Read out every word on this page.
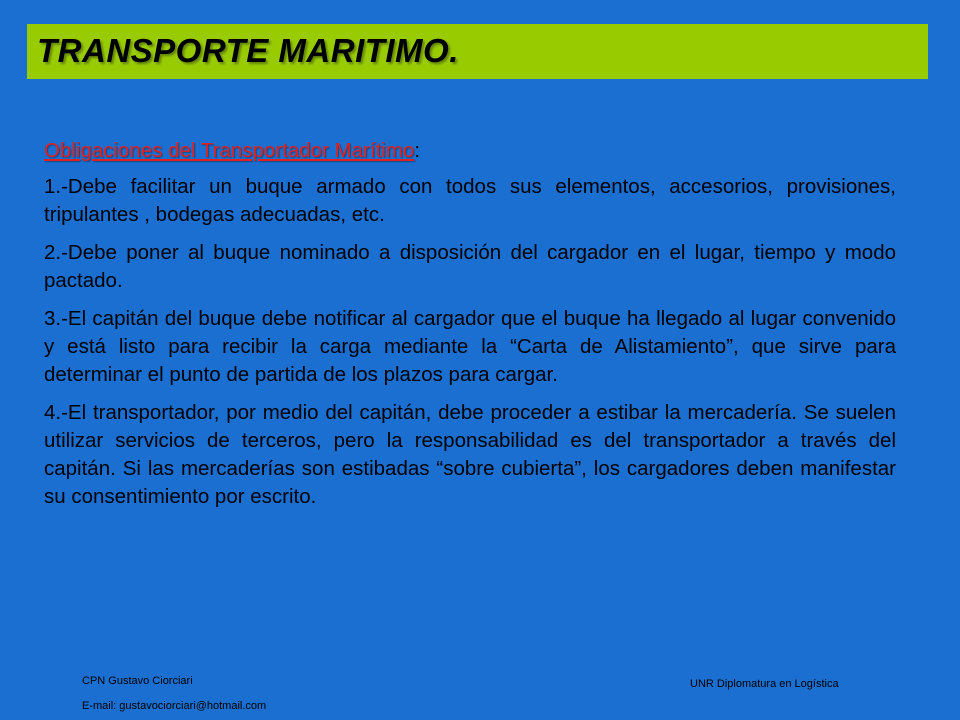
TRANSPORTE MARITIMO.

Obligaciones del Transportador Marítimo:

1.-Debe facilitar un buque armado con todos sus elementos, accesorios, provisiones, tripulantes , bodegas adecuadas, etc.

2.-Debe poner al buque nominado a disposición del cargador en el lugar, tiempo y modo pactado.

3.-El capitán del buque debe notificar al cargador que el buque ha llegado al lugar convenido y está listo para recibir la carga mediante la “Carta de Alistamiento”, que sirve para determinar el punto de partida de los plazos para cargar.

4.-El transportador, por medio del capitán, debe proceder a estibar la mercadería. Se suelen utilizar servicios de terceros, pero la responsabilidad es del transportador a través del capitán. Si las mercaderías son estibadas “sobre cubierta”, los cargadores deben manifestar su consentimiento por escrito.

CPN Gustavo Ciorciari
E-mail: gustavociorciari@hotmail.com
UNR Diplomatura en Logística
